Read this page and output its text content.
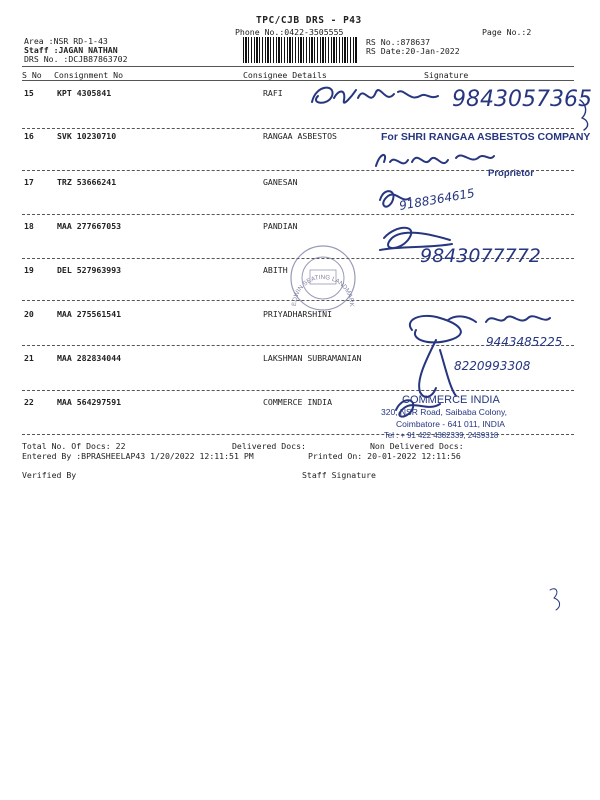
TPC/CJB DRS - P43
Phone No.:0422-3505555	Page No.:2
RS No.:878637
RS Date:20-Jan-2022
Area :NSR RD-1-43
Staff :JAGAN NATHAN
DRS No. :DCJB87863702
S No Consignment No	Consignee Details	Signature
15	KPT 4305841	RAFI
16	SVK 10230710	RANGAA ASBESTOS
17	TRZ 53666241	GANESAN
18	MAA 277667053	PANDIAN
19	DEL 527963993	ABITH
20	MAA 275561541	PRIYADHARSHINI
21	MAA 282834044	LAKSHMAN SUBRAMANIAN
22	MAA 564297591	COMMERCE INDIA
Total No. Of Docs: 22	Delivered Docs:	Non Delivered Docs:
Entered By :BPRASHEELAP43 1/20/2022 12:11:51 PM	Printed On: 20-01-2022 12:11:56
Verified By	Staff Signature
For SHRI RANGAA ASBESTOS COMPANY
Proprietor
COMMERCE INDIA
320, NSR Road, Saibaba Colony,
Coimbatore - 641 011, INDIA
Tel : + 91 422 4382339, 2439318
EDWIN SEATING LANDMARK
9843057365
9188364615
9843077772
9443485225
8220993308
